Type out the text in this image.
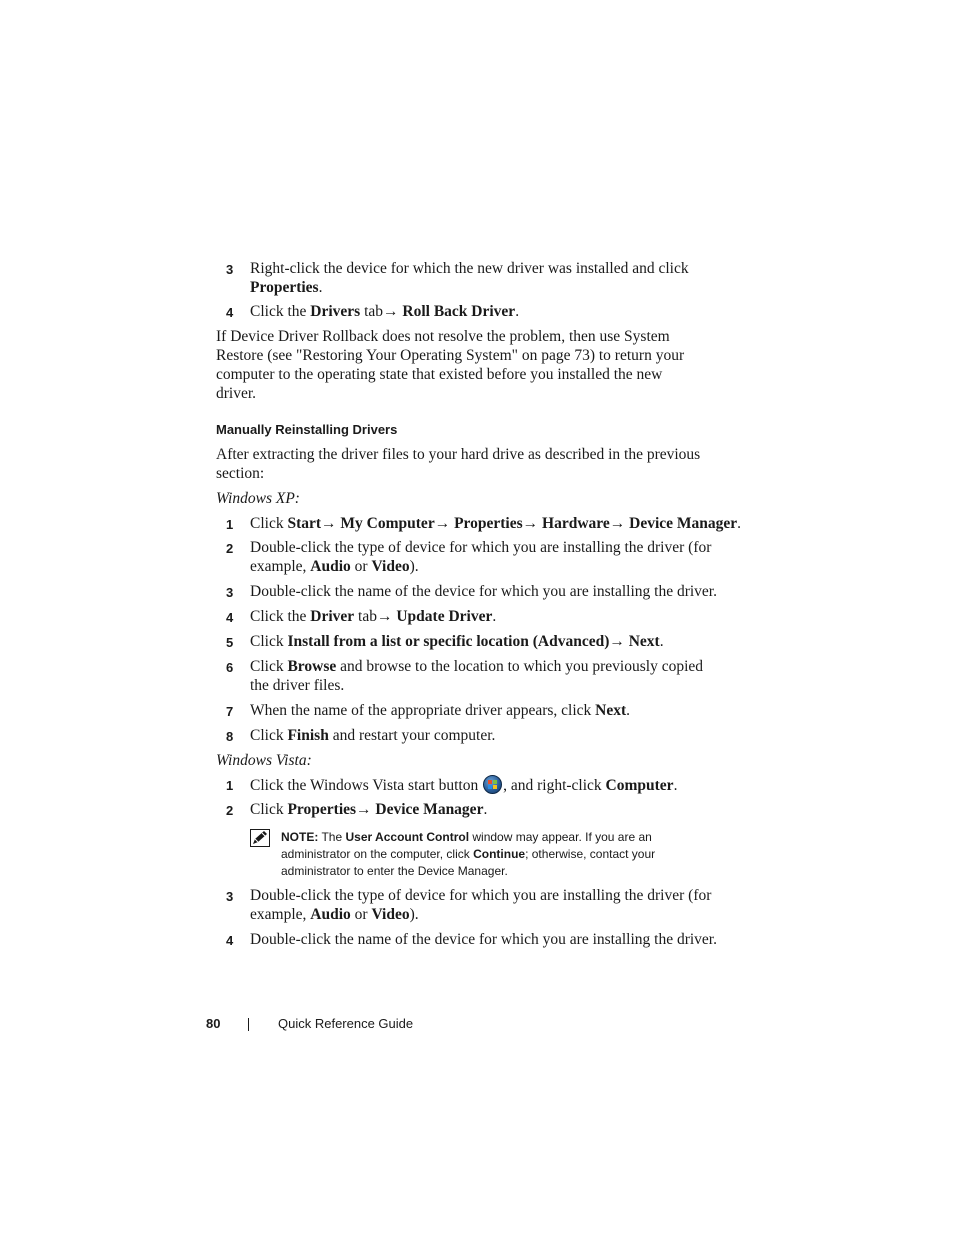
3	Right-click the device for which the new driver was installed and click Properties.
4	Click the Drivers tab→ Roll Back Driver.
If Device Driver Rollback does not resolve the problem, then use System Restore (see "Restoring Your Operating System" on page 73) to return your computer to the operating state that existed before you installed the new driver.
Manually Reinstalling Drivers
After extracting the driver files to your hard drive as described in the previous section:
Windows XP:
1	Click Start→ My Computer→ Properties→ Hardware→ Device Manager.
2	Double-click the type of device for which you are installing the driver (for example, Audio or Video).
3	Double-click the name of the device for which you are installing the driver.
4	Click the Driver tab→ Update Driver.
5	Click Install from a list or specific location (Advanced)→ Next.
6	Click Browse and browse to the location to which you previously copied the driver files.
7	When the name of the appropriate driver appears, click Next.
8	Click Finish and restart your computer.
Windows Vista:
1	Click the Windows Vista start button
, and right-click Computer.
2	Click Properties→ Device Manager.
NOTE: The User Account Control window may appear. If you are an administrator on the computer, click Continue; otherwise, contact your administrator to enter the Device Manager.
3	Double-click the type of device for which you are installing the driver (for example, Audio or Video).
4	Double-click the name of the device for which you are installing the driver.
80	Quick Reference Guide
